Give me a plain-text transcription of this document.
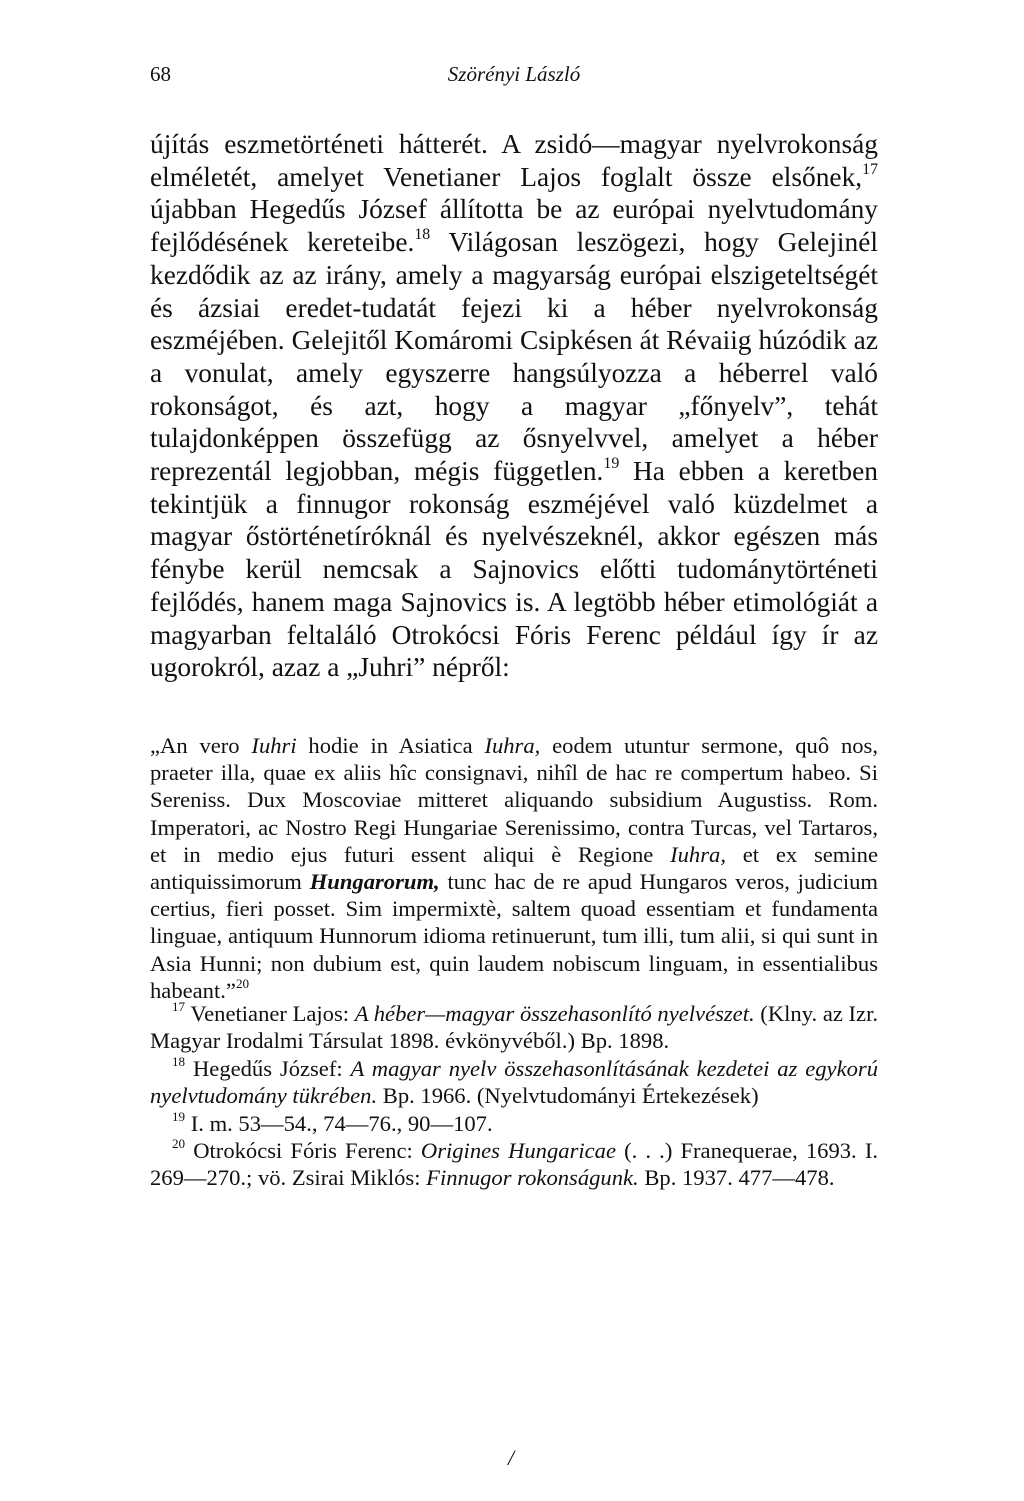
68	Szörényi László

újítás eszmetörténeti hátterét. A zsidó—magyar nyelvrokonság elméletét, amelyet Venetianer Lajos foglalt össze elsőnek,$^{17}$ újabban Hegedűs József állította be az európai nyelvtudomány fejlődésének kereteibe.$^{18}$ Világosan leszögezi, hogy Gelejinél kezdődik az az irány, amely a magyarság európai elszigeteltségét és ázsiai eredet-tudatát fejezi ki a héber nyelvrokonság eszméjében. Gelejitől Komáromi Csipkésen át Révaiig húzódik az a vonulat, amely egyszerre hangsúlyozza a héberrel való rokonságot, és azt, hogy a magyar „főnyelv”, tehát tulajdonképpen összefügg az ősnyelvvel, amelyet a héber reprezentál legjobban, mégis független.$^{19}$ Ha ebben a keretben tekintjük a finnugor rokonság eszméjével való küzdelmet a magyar őstörténetíróknál és nyelvészeknél, akkor egészen más fénybe kerül nemcsak a Sajnovics előtti tudománytörténeti fejlődés, hanem maga Sajnovics is. A legtöbb héber etimológiát a magyarban feltaláló Otrokócsi Fóris Ferenc például így ír az ugorokról, azaz a „Juhri” népről:

„An vero Iuhri hodie in Asiatica Iuhra, eodem utuntur sermone, quô nos, praeter illa, quae ex aliis hîc consignavi, nihîl de hac re compertum habeo. Si Sereniss. Dux Moscoviae mitteret aliquando subsidium Augustiss. Rom. Imperatori, ac Nostro Regi Hungariae Serenissimo, contra Turcas, vel Tartaros, et in medio ejus futuri essent aliqui è Regione Iuhra, et ex semine antiquissimorum Hungarorum, tunc hac de re apud Hungaros veros, judicium certius, fieri posset. Sim impermixtè, saltem quoad essentiam et fundamenta linguae, antiquum Hunnorum idioma retinuerunt, tum illi, tum alii, si qui sunt in Asia Hunni; non dubium est, quin laudem nobiscum linguam, in essentialibus habeant.”$^{20}$

$^{17}$ Venetianer Lajos: A héber—magyar összehasonlító nyelvészet. (Klny. az Izr. Magyar Irodalmi Társulat 1898. évkönyvéből.) Bp. 1898.

$^{18}$ Hegedűs József: A magyar nyelv összehasonlításának kezdetei az egykorú nyelvtudomány tükrében. Bp. 1966. (Nyelvtudományi Értekezések)

$^{19}$ I. m. 53—54., 74—76., 90—107.

$^{20}$ Otrokócsi Fóris Ferenc: Origines Hungaricae (. . .) Franequerae, 1693. I. 269—270.; vö. Zsirai Miklós: Finnugor rokonságunk. Bp. 1937. 477—478.

/
